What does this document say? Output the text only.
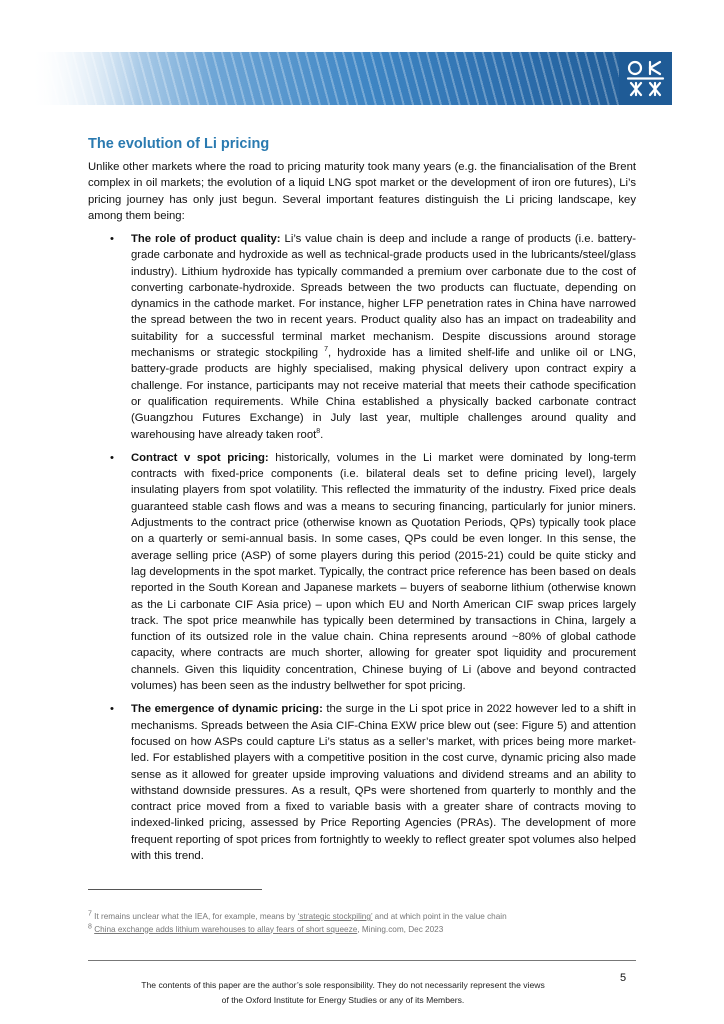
The evolution of Li pricing

Unlike other markets where the road to pricing maturity took many years (e.g. the financialisation of the Brent complex in oil markets; the evolution of a liquid LNG spot market or the development of iron ore futures), Li’s pricing journey has only just begun. Several important features distinguish the Li pricing landscape, key among them being:

• The role of product quality: Li’s value chain is deep and include a range of products (i.e. battery-grade carbonate and hydroxide as well as technical-grade products used in the lubricants/steel/glass industry). Lithium hydroxide has typically commanded a premium over carbonate due to the cost of converting carbonate-hydroxide. Spreads between the two products can fluctuate, depending on dynamics in the cathode market. For instance, higher LFP penetration rates in China have narrowed the spread between the two in recent years. Product quality also has an impact on tradeability and suitability for a successful terminal market mechanism. Despite discussions around storage mechanisms or strategic stockpiling $^7$, hydroxide has a limited shelf-life and unlike oil or LNG, battery-grade products are highly specialised, making physical delivery upon contract expiry a challenge. For instance, participants may not receive material that meets their cathode specification or qualification requirements. While China established a physically backed carbonate contract (Guangzhou Futures Exchange) in July last year, multiple challenges around quality and warehousing have already taken root$^8$.
• Contract v spot pricing: historically, volumes in the Li market were dominated by long-term contracts with fixed-price components (i.e. bilateral deals set to define pricing level), largely insulating players from spot volatility. This reflected the immaturity of the industry. Fixed price deals guaranteed stable cash flows and was a means to securing financing, particularly for junior miners. Adjustments to the contract price (otherwise known as Quotation Periods, QPs) typically took place on a quarterly or semi-annual basis. In some cases, QPs could be even longer. In this sense, the average selling price (ASP) of some players during this period (2015-21) could be quite sticky and lag developments in the spot market. Typically, the contract price reference has been based on deals reported in the South Korean and Japanese markets – buyers of seaborne lithium (otherwise known as the Li carbonate CIF Asia price) – upon which EU and North American CIF swap prices largely track. The spot price meanwhile has typically been determined by transactions in China, largely a function of its outsized role in the value chain. China represents around ~80% of global cathode capacity, where contracts are much shorter, allowing for greater spot liquidity and procurement channels. Given this liquidity concentration, Chinese buying of Li (above and beyond contracted volumes) has been seen as the industry bellwether for spot pricing.
• The emergence of dynamic pricing: the surge in the Li spot price in 2022 however led to a shift in mechanisms. Spreads between the Asia CIF-China EXW price blew out (see: Figure 5) and attention focused on how ASPs could capture Li’s status as a seller’s market, with prices being more market-led. For established players with a competitive position in the cost curve, dynamic pricing also made sense as it allowed for greater upside improving valuations and dividend streams and an ability to withstand downside pressures. As a result, QPs were shortened from quarterly to monthly and the contract price moved from a fixed to variable basis with a greater share of contracts moving to indexed-linked pricing, assessed by Price Reporting Agencies (PRAs). The development of more frequent reporting of spot prices from fortnightly to weekly to reflect greater spot volumes also helped with this trend.
$^7$ It remains unclear what the IEA, for example, means by ‘strategic stockpiling’ and at which point in the value chain
$^8$ China exchange adds lithium warehouses to allay fears of short squeeze, Mining.com, Dec 2023
5
The contents of this paper are the author’s sole responsibility. They do not necessarily represent the views
of the Oxford Institute for Energy Studies or any of its Members.
